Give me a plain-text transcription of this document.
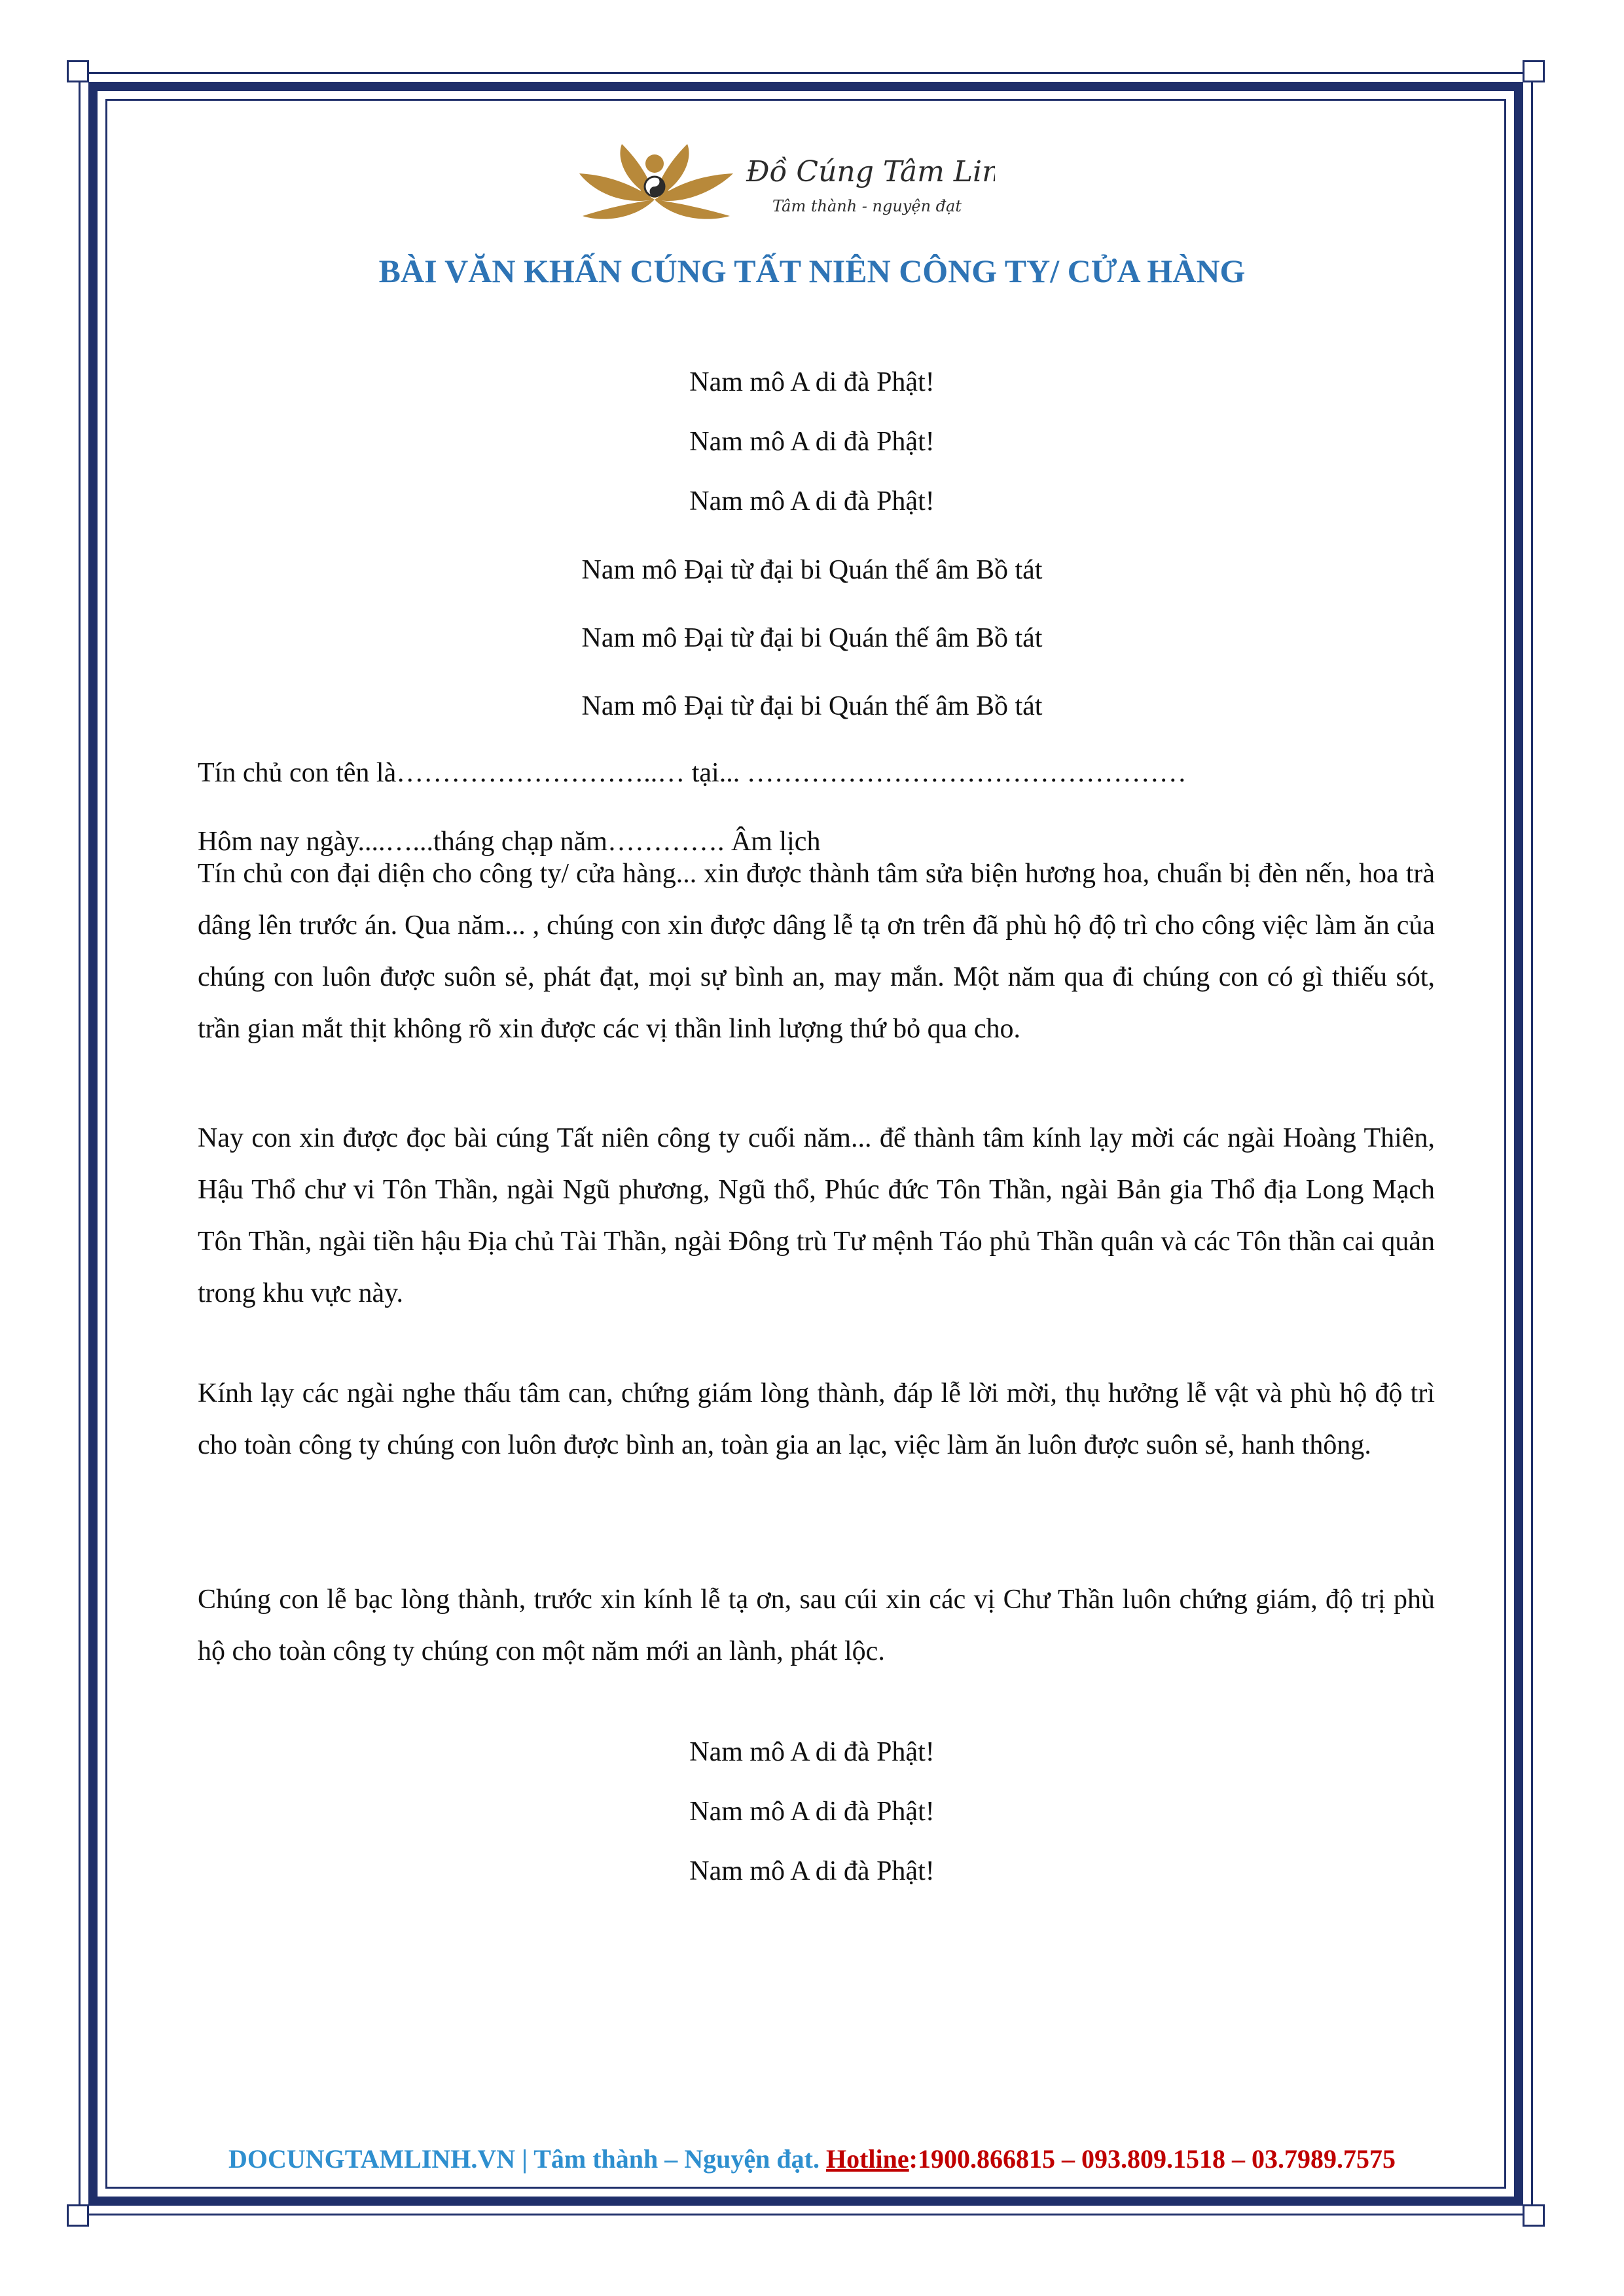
Đồ Cúng Tâm Linh
Tâm thành - nguyện đạt
BÀI VĂN KHẤN CÚNG TẤT NIÊN CÔNG TY/ CỬA HÀNG
Nam mô A di đà Phật!
Nam mô A di đà Phật!
Nam mô A di đà Phật!
Nam mô Đại từ đại bi Quán thế âm Bồ tát
Nam mô Đại từ đại bi Quán thế âm Bồ tát
Nam mô Đại từ đại bi Quán thế âm Bồ tát
Tín chủ con tên là………………………..… tại... …………………………………………
Hôm nay ngày....…...tháng chạp năm…………. Âm lịch
Tín chủ con đại diện cho công ty/ cửa hàng... xin được thành tâm sửa biện hương hoa, chuẩn bị đèn nến, hoa trà dâng lên trước án. Qua năm... , chúng con xin được dâng lễ tạ ơn trên đã phù hộ độ trì cho công việc làm ăn của chúng con luôn được suôn sẻ, phát đạt, mọi sự bình an, may mắn. Một năm qua đi chúng con có gì thiếu sót, trần gian mắt thịt không rõ xin được các vị thần linh lượng thứ bỏ qua cho.
Nay con xin được đọc bài cúng Tất niên công ty cuối năm... để thành tâm kính lạy mời các ngài Hoàng Thiên, Hậu Thổ chư vi Tôn Thần, ngài Ngũ phương, Ngũ thổ, Phúc đức Tôn Thần, ngài Bản gia Thổ địa Long Mạch Tôn Thần, ngài tiền hậu Địa chủ Tài Thần, ngài Đông trù Tư mệnh Táo phủ Thần quân và các Tôn thần cai quản trong khu vực này.
Kính lạy các ngài nghe thấu tâm can, chứng giám lòng thành, đáp lễ lời mời, thụ hưởng lễ vật và phù hộ độ trì cho toàn công ty chúng con luôn được bình an, toàn gia an lạc, việc làm ăn luôn được suôn sẻ, hanh thông.
Chúng con lễ bạc lòng thành, trước xin kính lễ tạ ơn, sau cúi xin các vị Chư Thần luôn chứng giám, độ trị phù hộ cho toàn công ty chúng con một năm mới an lành, phát lộc.
Nam mô A di đà Phật!
Nam mô A di đà Phật!
Nam mô A di đà Phật!
DOCUNGTAMLINH.VN | Tâm thành – Nguyện đạt. Hotline:1900.866815 – 093.809.1518 – 03.7989.7575
